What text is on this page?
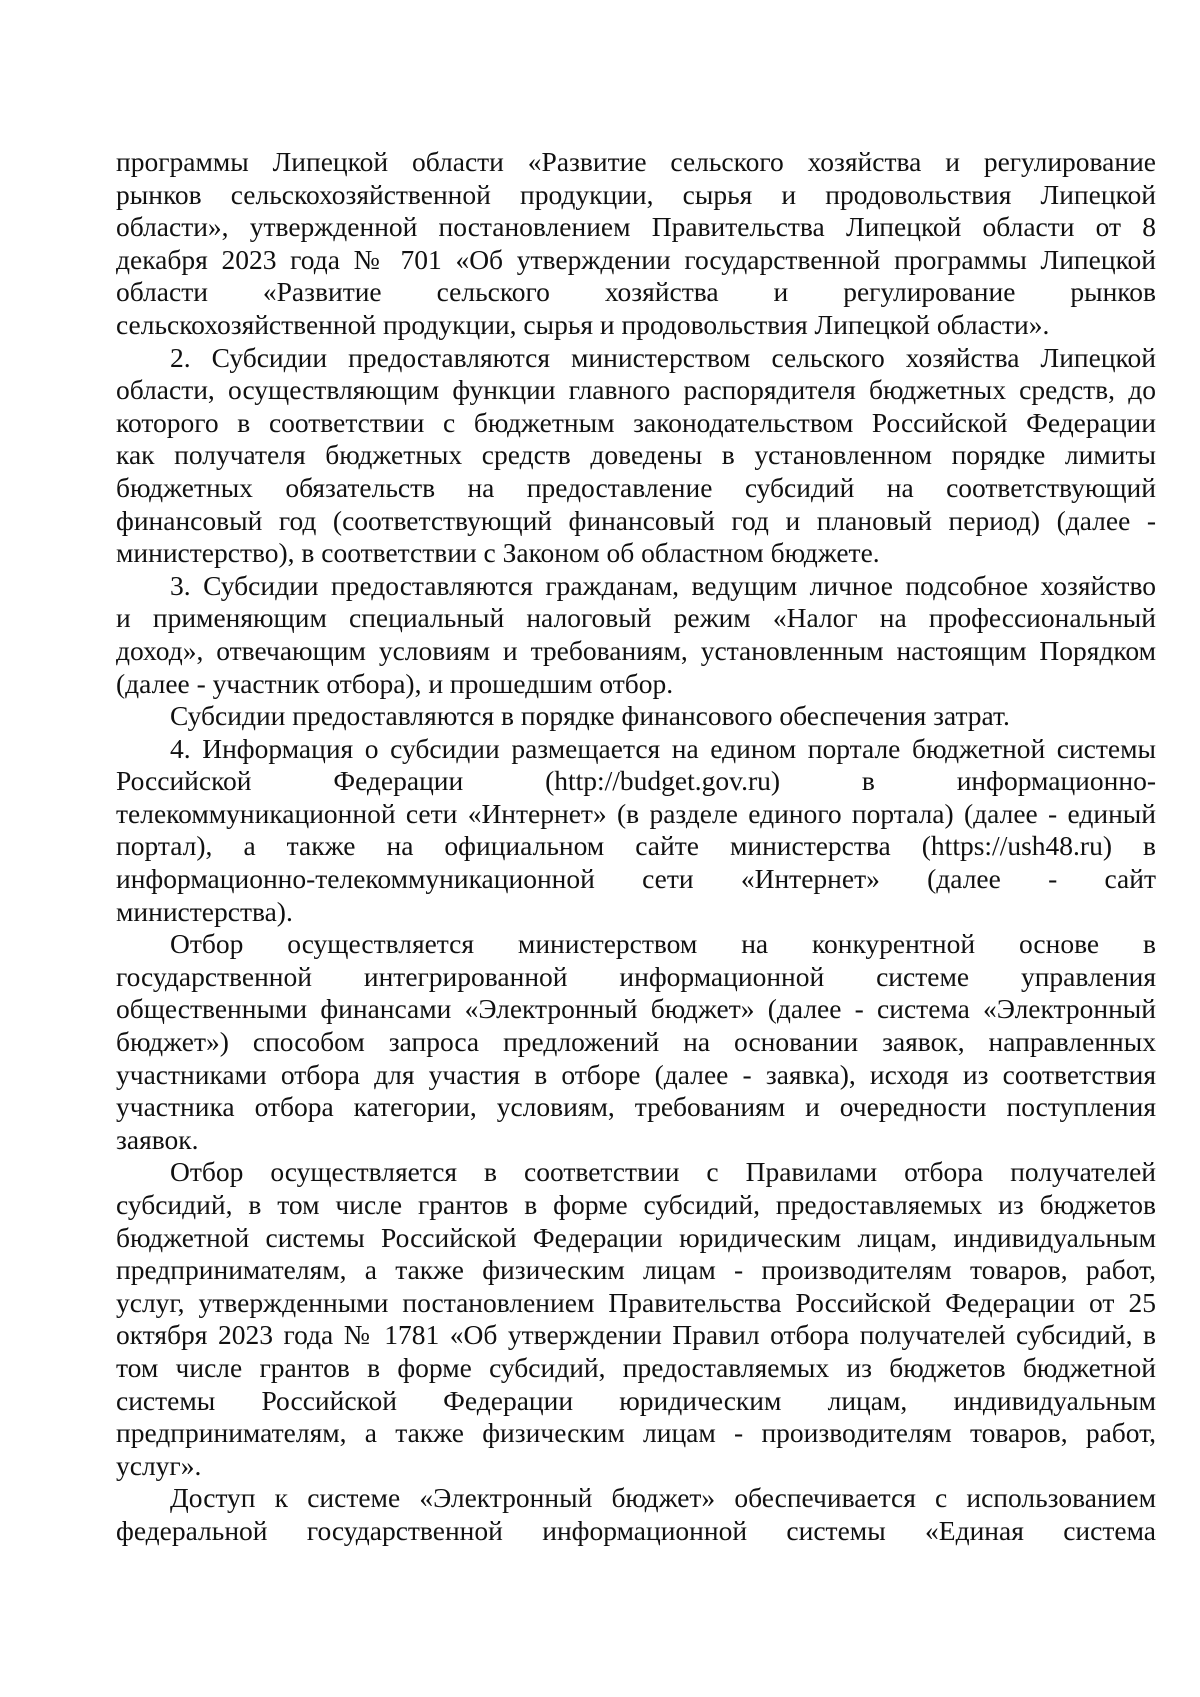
программы Липецкой области «Развитие сельского хозяйства и регулирование
рынков сельскохозяйственной продукции, сырья и продовольствия Липецкой
области», утвержденной постановлением Правительства Липецкой области от 8
декабря 2023 года № 701 «Об утверждении государственной программы Липецкой
области «Развитие сельского хозяйства и регулирование рынков
сельскохозяйственной продукции, сырья и продовольствия Липецкой области».
2. Субсидии предоставляются министерством сельского хозяйства Липецкой
области, осуществляющим функции главного распорядителя бюджетных средств, до
которого в соответствии с бюджетным законодательством Российской Федерации
как получателя бюджетных средств доведены в установленном порядке лимиты
бюджетных обязательств на предоставление субсидий на соответствующий
финансовый год (соответствующий финансовый год и плановый период) (далее -
министерство), в соответствии с Законом об областном бюджете.
3. Субсидии предоставляются гражданам, ведущим личное подсобное хозяйство
и применяющим специальный налоговый режим «Налог на профессиональный
доход», отвечающим условиям и требованиям, установленным настоящим Порядком
(далее - участник отбора), и прошедшим отбор.
Субсидии предоставляются в порядке финансового обеспечения затрат.
4. Информация о субсидии размещается на едином портале бюджетной системы
Российской Федерации (http://budget.gov.ru) в информационно-
телекоммуникационной сети «Интернет» (в разделе единого портала) (далее - единый
портал), а также на официальном сайте министерства (https://ush48.ru) в
информационно-телекоммуникационной сети «Интернет» (далее - сайт
министерства).
Отбор осуществляется министерством на конкурентной основе в
государственной интегрированной информационной системе управления
общественными финансами «Электронный бюджет» (далее - система «Электронный
бюджет») способом запроса предложений на основании заявок, направленных
участниками отбора для участия в отборе (далее - заявка), исходя из соответствия
участника отбора категории, условиям, требованиям и очередности поступления
заявок.
Отбор осуществляется в соответствии с Правилами отбора получателей
субсидий, в том числе грантов в форме субсидий, предоставляемых из бюджетов
бюджетной системы Российской Федерации юридическим лицам, индивидуальным
предпринимателям, а также физическим лицам - производителям товаров, работ,
услуг, утвержденными постановлением Правительства Российской Федерации от 25
октября 2023 года № 1781 «Об утверждении Правил отбора получателей субсидий, в
том числе грантов в форме субсидий, предоставляемых из бюджетов бюджетной
системы Российской Федерации юридическим лицам, индивидуальным
предпринимателям, а также физическим лицам - производителям товаров, работ,
услуг».
Доступ к системе «Электронный бюджет» обеспечивается с использованием
федеральной государственной информационной системы «Единая система
